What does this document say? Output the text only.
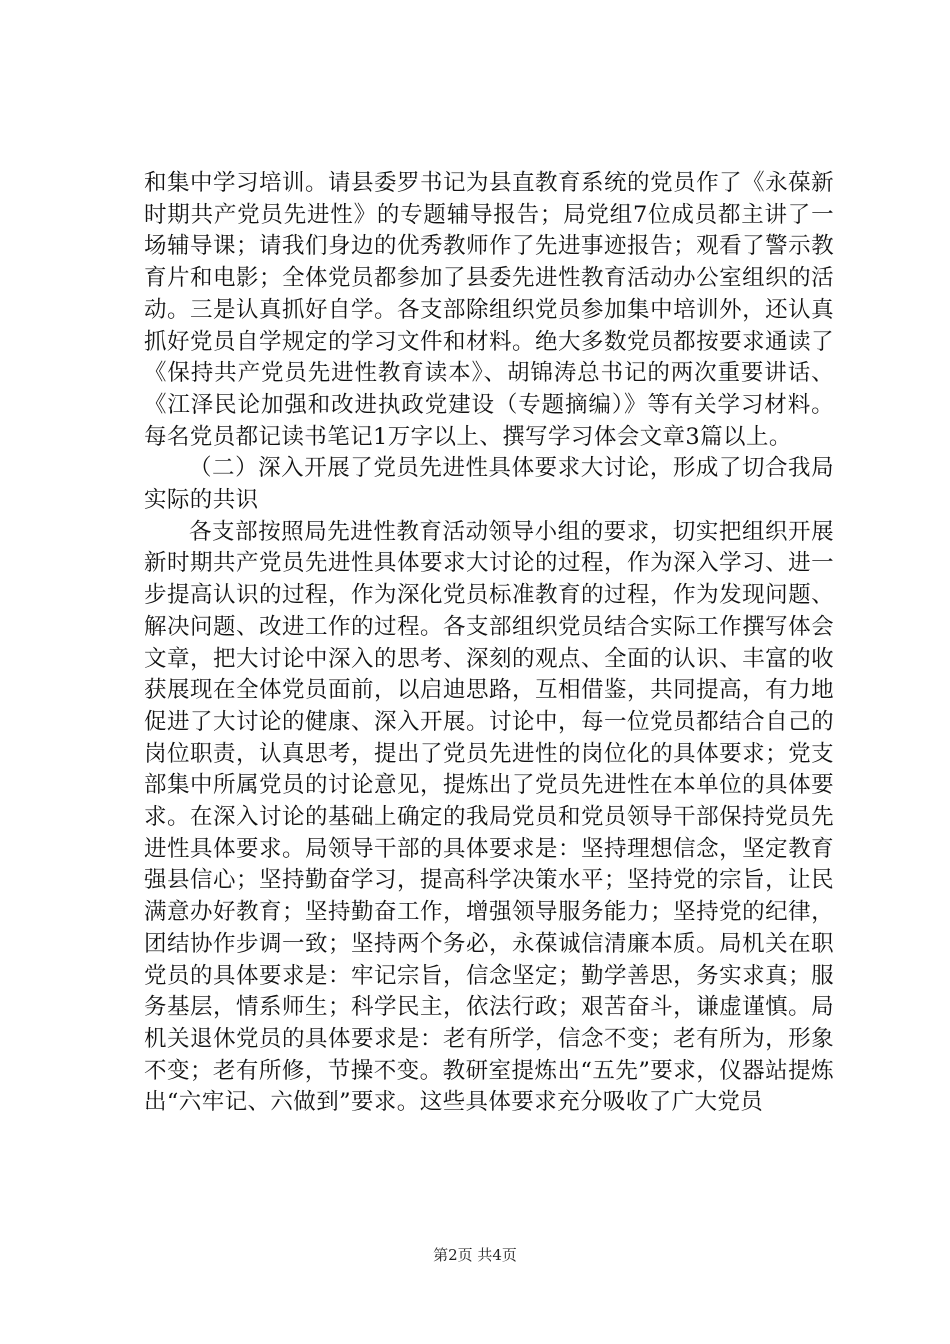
和集中学习培训。请县委罗书记为县直教育系统的党员作了《永葆新时期共产党员先进性》的专题辅导报告；局党组7位成员都主讲了一场辅导课；请我们身边的优秀教师作了先进事迹报告；观看了警示教育片和电影；全体党员都参加了县委先进性教育活动办公室组织的活动。三是认真抓好自学。各支部除组织党员参加集中培训外，还认真抓好党员自学规定的学习文件和材料。绝大多数党员都按要求通读了《保持共产党员先进性教育读本》、胡锦涛总书记的两次重要讲话、《江泽民论加强和改进执政党建设（专题摘编）》等有关学习材料。每名党员都记读书笔记1万字以上、撰写学习体会文章3篇以上。

（二）深入开展了党员先进性具体要求大讨论，形成了切合我局实际的共识

各支部按照局先进性教育活动领导小组的要求，切实把组织开展新时期共产党员先进性具体要求大讨论的过程，作为深入学习、进一步提高认识的过程，作为深化党员标准教育的过程，作为发现问题、解决问题、改进工作的过程。各支部组织党员结合实际工作撰写体会文章，把大讨论中深入的思考、深刻的观点、全面的认识、丰富的收获展现在全体党员面前，以启迪思路，互相借鉴，共同提高，有力地促进了大讨论的健康、深入开展。讨论中，每一位党员都结合自己的岗位职责，认真思考，提出了党员先进性的岗位化的具体要求；党支部集中所属党员的讨论意见，提炼出了党员先进性在本单位的具体要求。在深入讨论的基础上确定的我局党员和党员领导干部保持党员先进性具体要求。局领导干部的具体要求是：坚持理想信念，坚定教育强县信心；坚持勤奋学习，提高科学决策水平；坚持党的宗旨，让民满意办好教育；坚持勤奋工作，增强领导服务能力；坚持党的纪律，团结协作步调一致；坚持两个务必，永葆诚信清廉本质。局机关在职党员的具体要求是：牢记宗旨，信念坚定；勤学善思，务实求真；服务基层，情系师生；科学民主，依法行政；艰苦奋斗，谦虚谨慎。局机关退休党员的具体要求是：老有所学，信念不变；老有所为，形象不变；老有所修，节操不变。教研室提炼出“五先”要求，仪器站提炼出“六牢记、六做到”要求。这些具体要求充分吸收了广大党员

第2页 共4页
